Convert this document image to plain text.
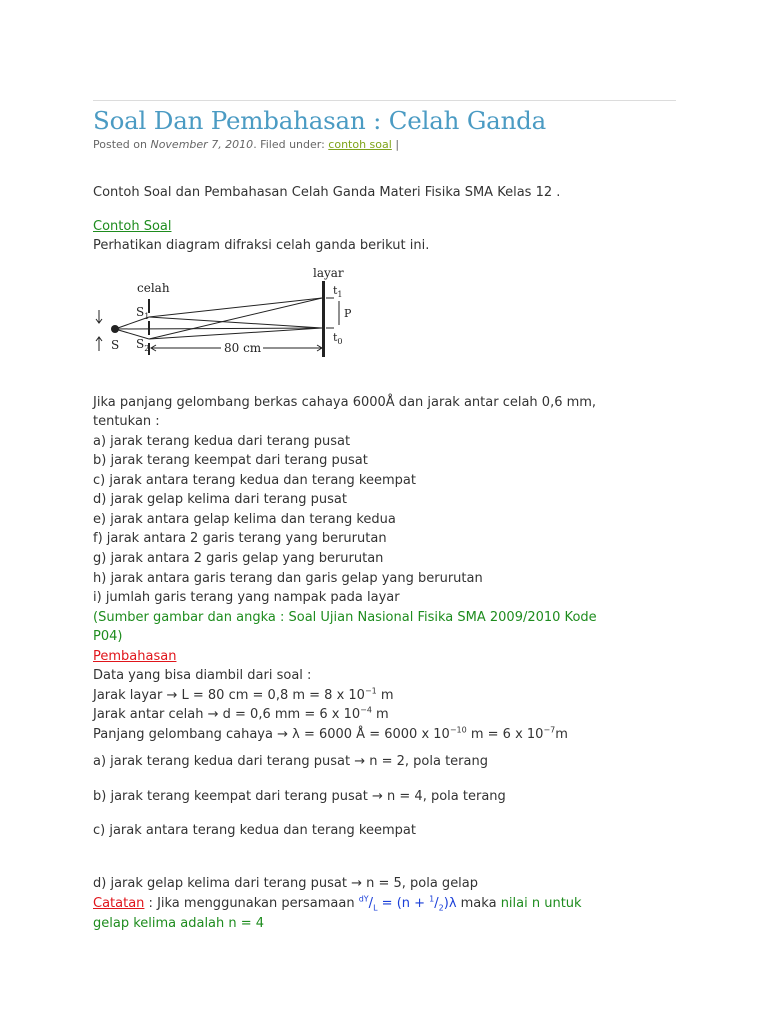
Soal Dan Pembahasan : Celah Ganda
Posted on November 7, 2010. Filed under: contoh soal |
Contoh Soal dan Pembahasan Celah Ganda Materi Fisika SMA Kelas 12 .
Contoh Soal
Perhatikan diagram difraksi celah ganda berikut ini.
layar
celah	$t_1$
P
$t_0$
$S_1$
$S_2$
S	80 cm
Jika panjang gelombang berkas cahaya 6000Å dan jarak antar celah 0,6 mm,
tentukan :
a) jarak terang kedua dari terang pusat
b) jarak terang keempat dari terang pusat
c) jarak antara terang kedua dan terang keempat
d) jarak gelap kelima dari terang pusat
e) jarak antara gelap kelima dan terang kedua
f) jarak antara 2 garis terang yang berurutan
g) jarak antara 2 garis gelap yang berurutan
h) jarak antara garis terang dan garis gelap yang berurutan
i) jumlah garis terang yang nampak pada layar
(Sumber gambar dan angka : Soal Ujian Nasional Fisika SMA 2009/2010 Kode
P04)
Pembahasan
Data yang bisa diambil dari soal :
Jarak layar → L = 80 cm = 0,8 m = 8 x $10^{-1}$ m
Jarak antar celah → d = 0,6 mm = 6 x $10^{-4}$ m
Panjang gelombang cahaya → λ = 6000 Å = 6000 x $10^{-10}$ m = 6 x $10^{-7}m$
a) jarak terang kedua dari terang pusat → n = 2, pola terang
b) jarak terang keempat dari terang pusat → n = 4, pola terang
c) jarak antara terang kedua dan terang keempat
d) jarak gelap kelima dari terang pusat → n = 5, pola gelap
Catatan : Jika menggunakan persamaan $^{dY}/_L = (n + ^1/_2)\lambda$ maka nilai n untuk
gelap kelima adalah n = 4
